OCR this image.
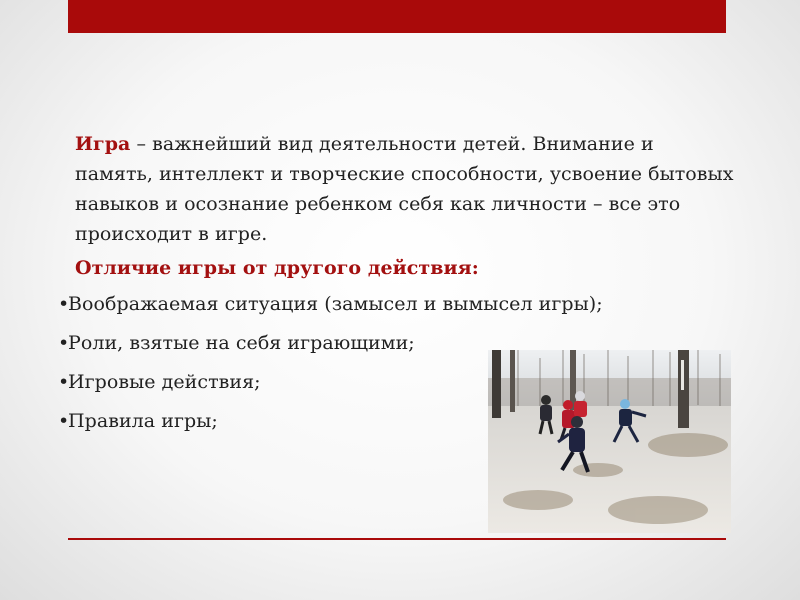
Игра – важнейший вид деятельности детей. Внимание и память, интеллект и творческие способности, усвоение бытовых навыков и осознание ребенком себя как личности – все это происходит в игре.

Отличие игры от другого действия:
•Воображаемая ситуация (замысел и вымысел игры);
•Роли, взятые на себя играющими;
•Игровые действия;
•Правила игры;
